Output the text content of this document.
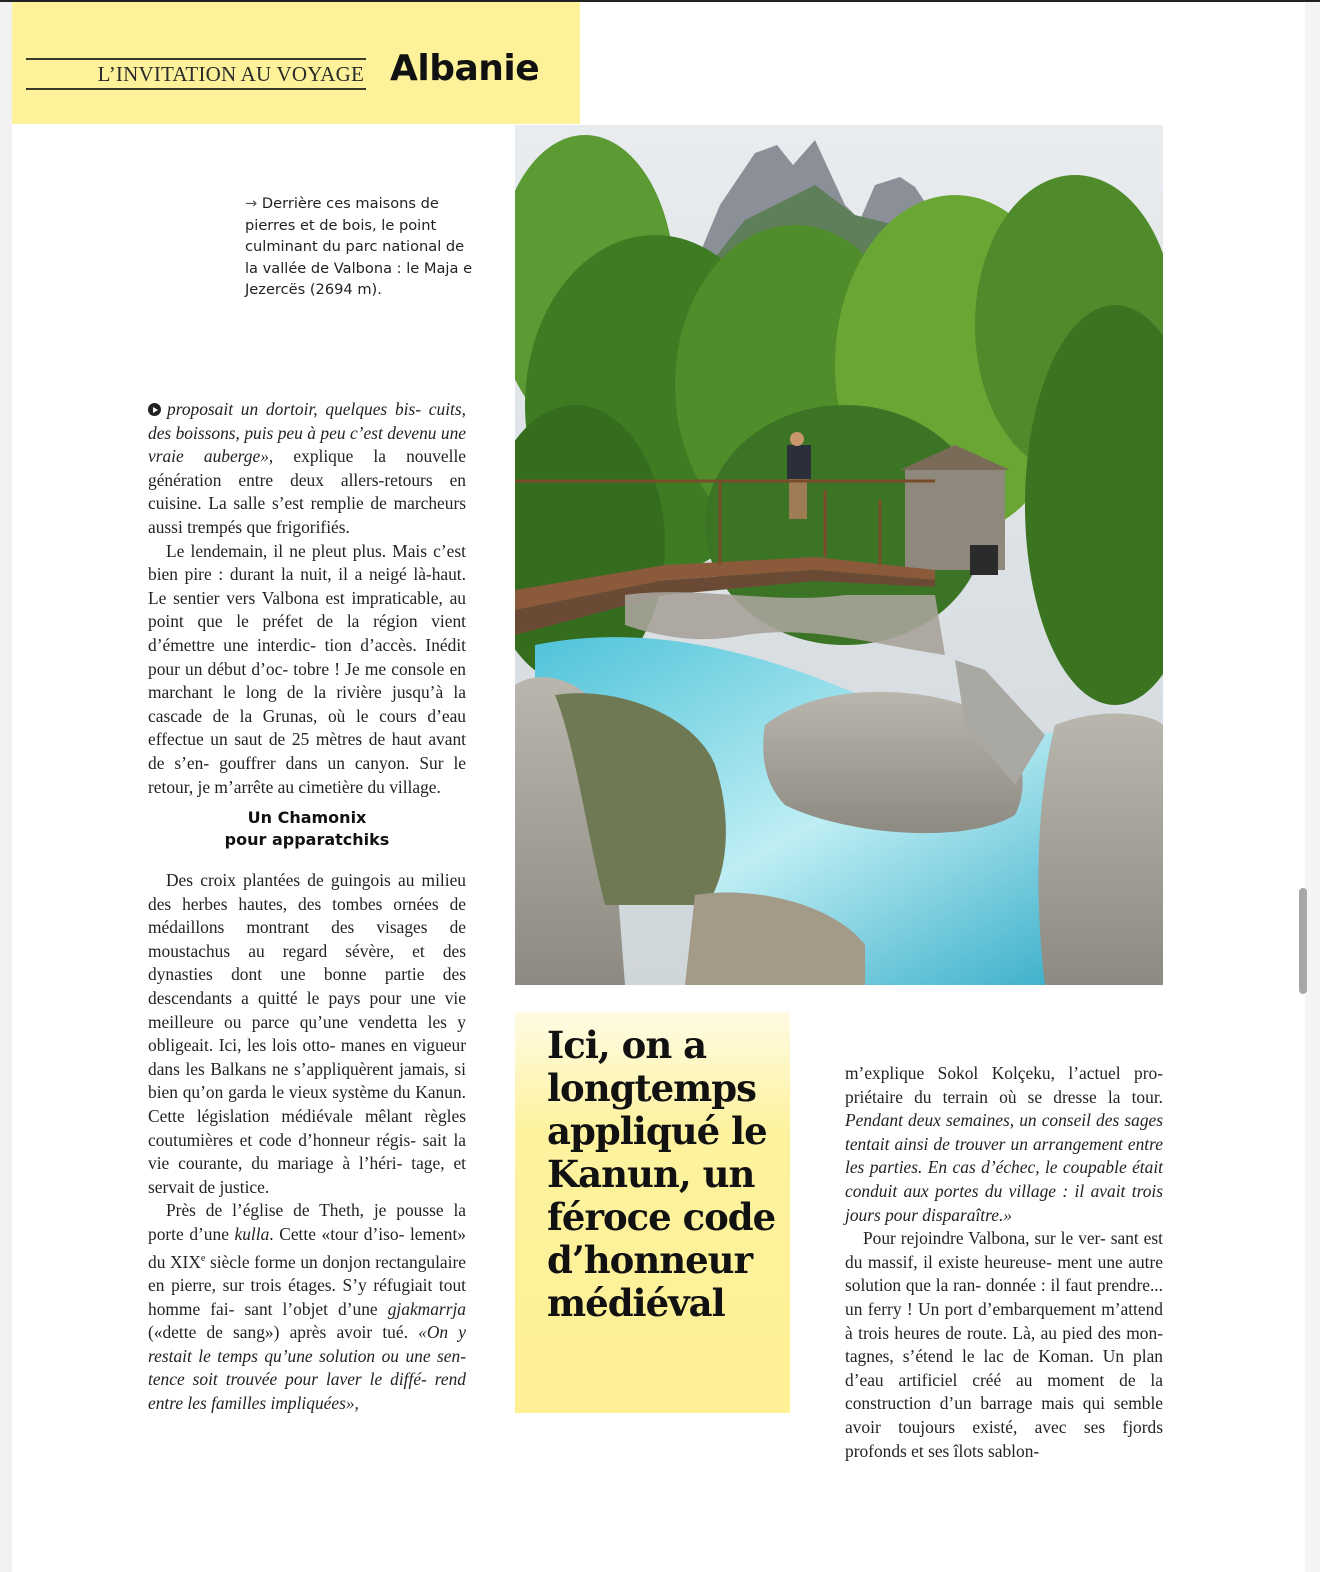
L’INVITATION AU VOYAGE Albanie
→ Derrière ces maisons de pierres et de bois, le point culminant du parc national de la vallée de Valbona : le Maja e Jezercës (2694 m).

proposait un dortoir, quelques bis- cuits, des boissons, puis peu à peu c’est devenu une vraie auberge», explique la nouvelle génération entre deux allers-retours en cuisine. La salle s’est remplie de marcheurs aussi trempés que frigorifiés.

Le lendemain, il ne pleut plus. Mais c’est bien pire : durant la nuit, il a neigé là-haut. Le sentier vers Valbona est impraticable, au point que le préfet de la région vient d’émettre une interdic- tion d’accès. Inédit pour un début d’oc- tobre ! Je me console en marchant le long de la rivière jusqu’à la cascade de la Grunas, où le cours d’eau effectue un saut de 25 mètres de haut avant de s’en- gouffrer dans un canyon. Sur le retour, je m’arrête au cimetière du village.

Un Chamonix
pour apparatchiks

Des croix plantées de guingois au milieu des herbes hautes, des tombes ornées de médaillons montrant des visages de moustachus au regard sévère, et des dynasties dont une bonne partie des descendants a quitté le pays pour une vie meilleure ou parce qu’une vendetta les y obligeait. Ici, les lois otto- manes en vigueur dans les Balkans ne s’appliquèrent jamais, si bien qu’on garda le vieux système du Kanun. Cette législation médiévale mêlant règles coutumières et code d’honneur régis- sait la vie courante, du mariage à l’héri- tage, et servait de justice.

Près de l’église de Theth, je pousse la porte d’une kulla. Cette «tour d’iso- lement» du XIXe siècle forme un donjon rectangulaire en pierre, sur trois étages. S’y réfugiait tout homme fai- sant l’objet d’une gjakmarrja («dette de sang») après avoir tué. «On y restait le temps qu’une solution ou une sen- tence soit trouvée pour laver le diffé- rend entre les familles impliquées»,

Ici, on a longtemps appliqué le Kanun, un féroce code d’honneur médiéval

m’explique Sokol Kolçeku, l’actuel pro- priétaire du terrain où se dresse la tour. Pendant deux semaines, un conseil des sages tentait ainsi de trouver un arrangement entre les parties. En cas d’échec, le coupable était conduit aux portes du village : il avait trois jours pour disparaître.»

Pour rejoindre Valbona, sur le ver- sant est du massif, il existe heureuse- ment une autre solution que la ran- donnée : il faut prendre... un ferry ! Un port d’embarquement m’attend à trois heures de route. Là, au pied des mon- tagnes, s’étend le lac de Koman. Un plan d’eau artificiel créé au moment de la construction d’un barrage mais qui semble avoir toujours existé, avec ses fjords profonds et ses îlots sablon-
